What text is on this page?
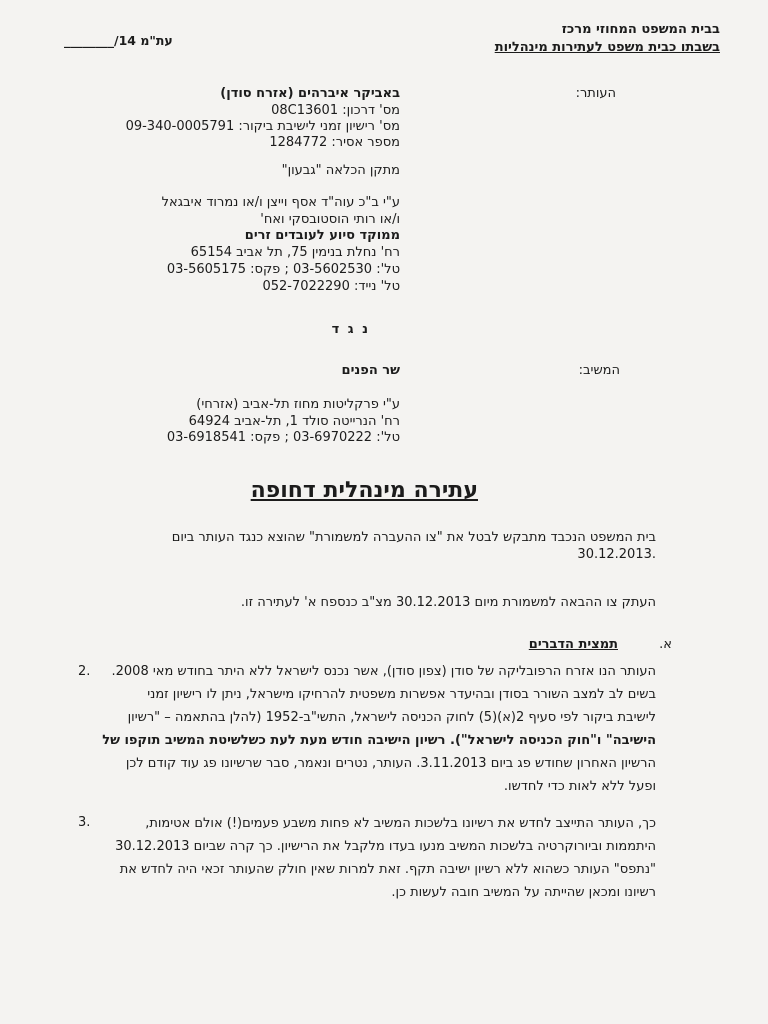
בבית המשפט המחוזי מרכז
בשבתו כבית משפט לעתירות מינהליות
עת"מ 14/________
העותר:
באביקר איברהים (אזרח סודן)
מס' דרכון: 08C13601
מס' רישיון זמני לישיבת ביקור: 09-340-0005791
מספר אסיר: 1284772
מתקן הכלאה "גבעון"
ע"י ב"כ עוה"ד אסף וייצן ו/או נמרוד איבגאל
ו/או רותי הוסטובסקי ואח'
ממוקד סיוע לעובדים זרים
רח' נחלת בנימין 75, תל אביב 65154
טל': 03-5602530 ; פקס: 03-5605175
טל' נייד: 052-7022290
נ ג ד
המשיב:
שר הפנים
ע"י פרקליטות מחוז תל-אביב (אזרחי)
רח' הנרייטה סולד 1, תל-אביב 64924
טל': 03-6970222 ; פקס: 03-6918541
עתירה מינהלית דחופה
בית המשפט הנכבד מתבקש לבטל את "צו ההעברה למשמורת" שהוצא כנגד העותר ביום
30.12.2013.
העתק צו ההבאה למשמורת מיום 30.12.2013 מצ"ב כנספח א' לעתירה זו.
א.
תמצית הדברים
2.	העותר הנו אזרח הרפובליקה של סודן (צפון סודן), אשר נכנס לישראל ללא היתר בחודש מאי 2008.
בשים לב למצב השורר בסודן ובהיעדר אפשרות משפטית להרחיקו מישראל, ניתן לו רישיון זמני
לישיבת ביקור לפי סעיף 2(א)(5) לחוק הכניסה לישראל, התשי"ב-1952 (להלן בהתאמה – "רשיון
הישיבה" ו"חוק הכניסה לישראל"). רשיון הישיבה חודש מעת לעת כשלשיטת המשיב תוקפו של
הרשיון האחרון שחודש פג ביום 3.11.2013. העותר, נטרים ונאמר, סבר שרשיונו פג עוד קודם לכן
ופעל ללא לאות כדי לחדשו.
3.	כך, העותר התייצב לחדש את רשיונו בלשכות המשיב לא פחות משבע פעמים(!) אולם אטימות,
היתממות וביורוקרטיה בלשכות המשיב מנעו בעדו מלקבל את הרישיון. כך קרה שביום 30.12.2013
"נתפס" העותר כשהוא ללא רשיון ישיבה תקף. זאת למרות שאין חולק שהעותר זכאי היה לחדש את
רשיונו ומכאן שהייתה על המשיב חובה לעשות כן.
